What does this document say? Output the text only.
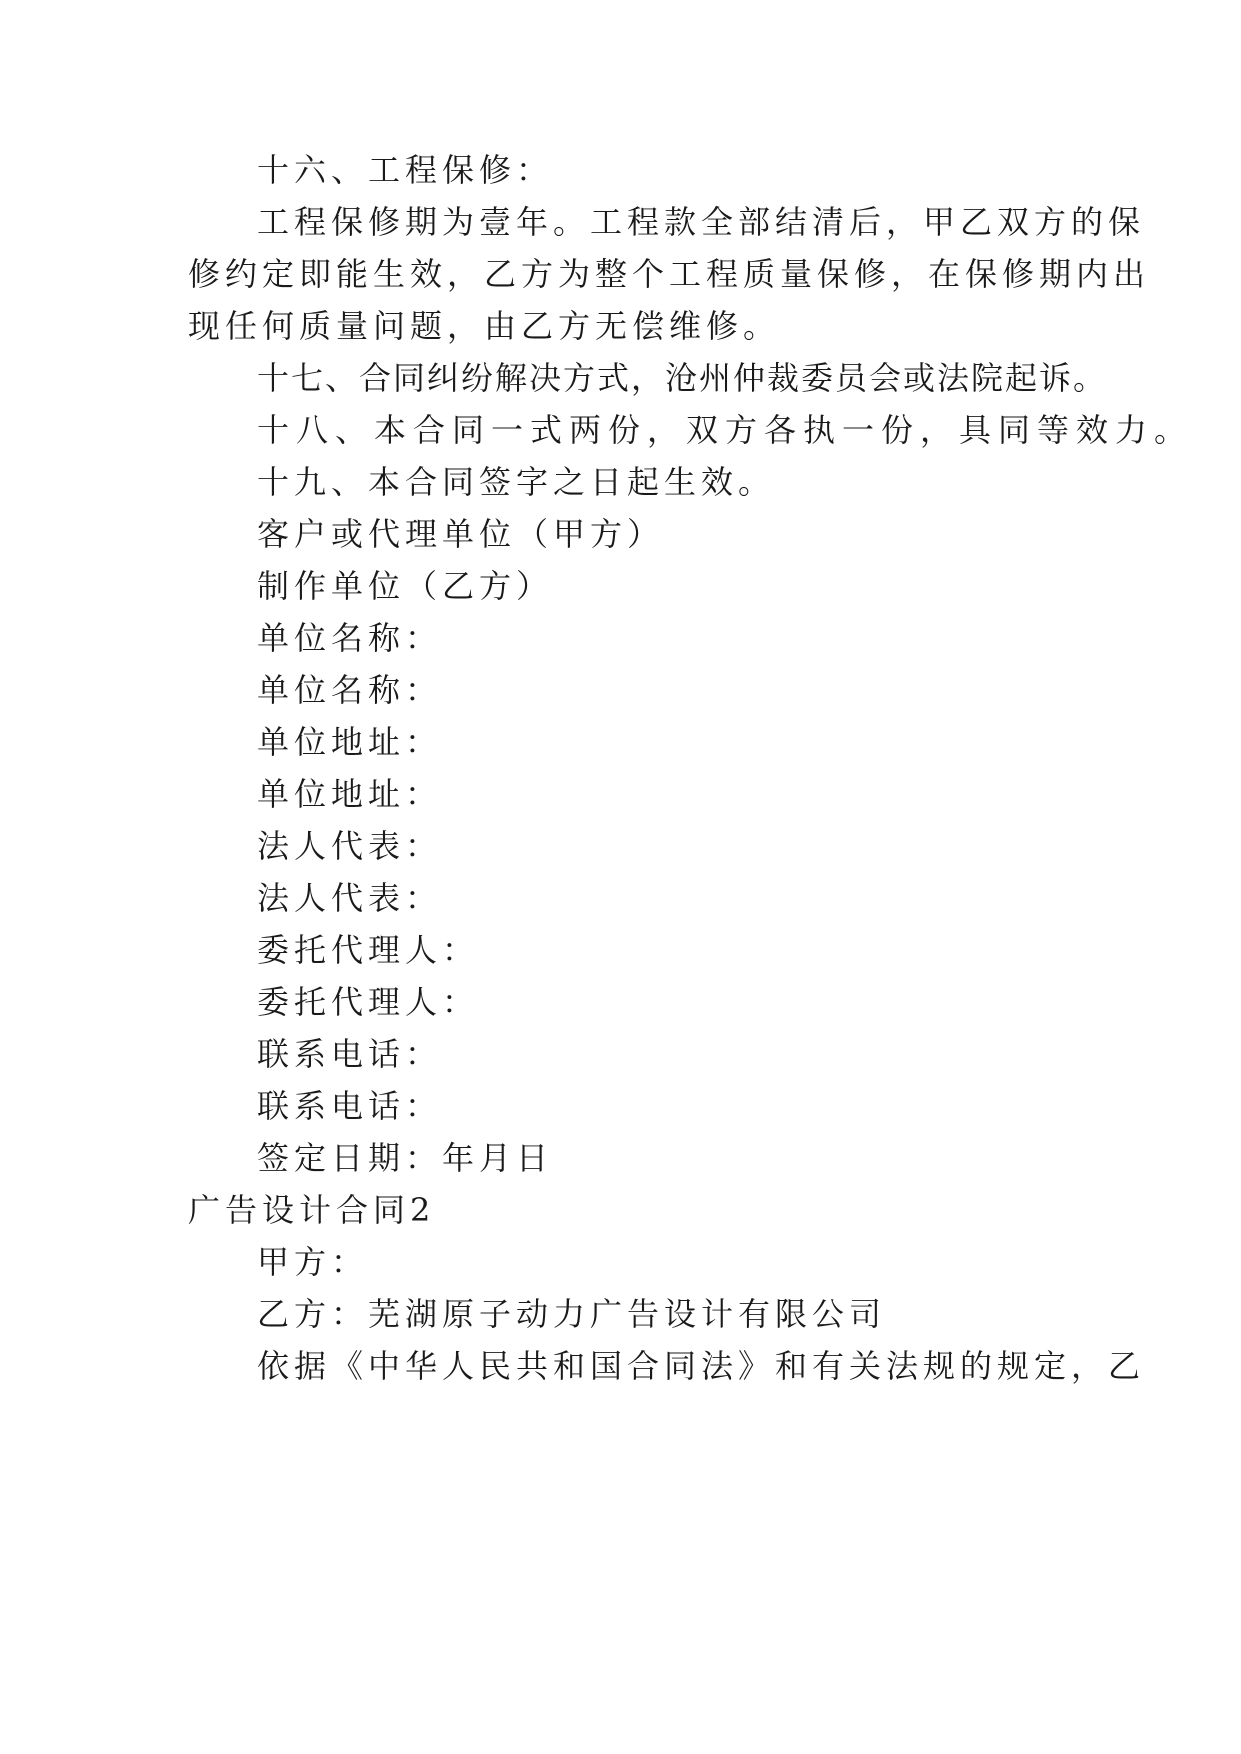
十六、工程保修：

工程保修期为壹年。工程款全部结清后，甲乙双方的保

修约定即能生效，乙方为整个工程质量保修，在保修期内出

现任何质量问题，由乙方无偿维修。

十七、合同纠纷解决方式，沧州仲裁委员会或法院起诉。

十八、本合同一式两份，双方各执一份，具同等效力。

十九、本合同签字之日起生效。

客户或代理单位（甲方）

制作单位（乙方）

单位名称：

单位名称：

单位地址：

单位地址：

法人代表：

法人代表：

委托代理人：

委托代理人：

联系电话：

联系电话：

签定日期：年月日

广告设计合同2

甲方：

乙方：芜湖原子动力广告设计有限公司

依据《中华人民共和国合同法》和有关法规的规定，乙
